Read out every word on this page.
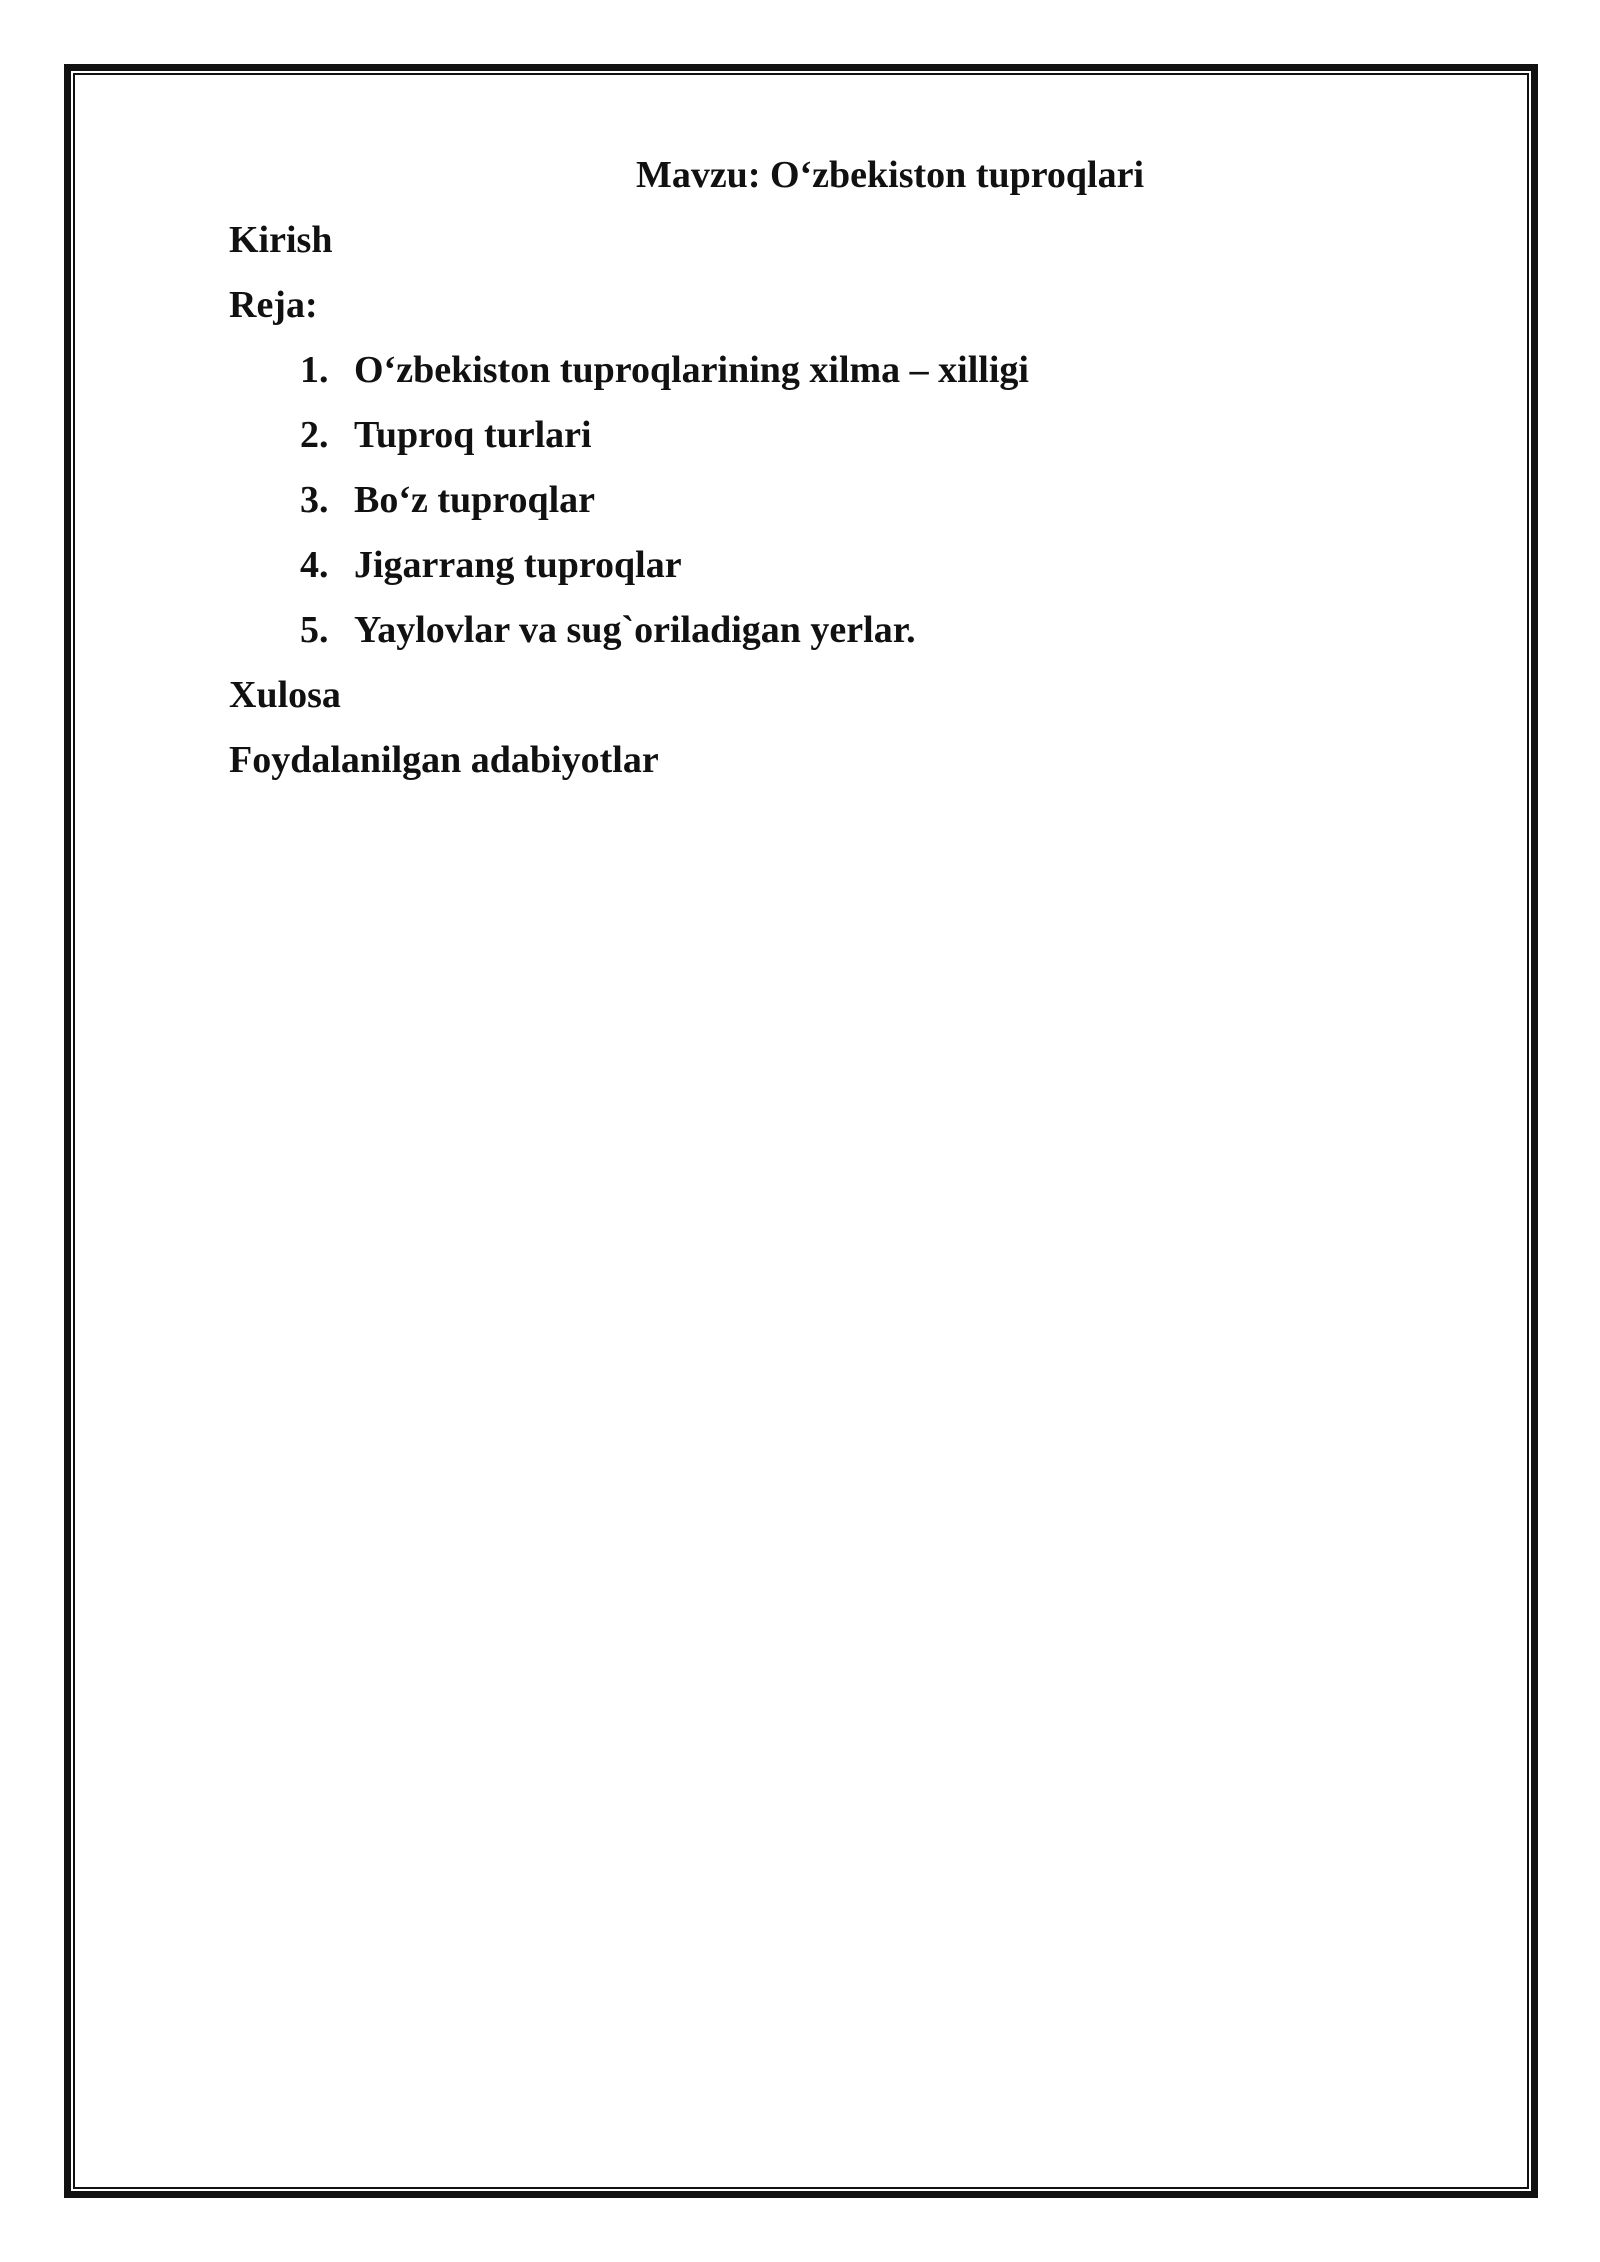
Mavzu: O‘zbekiston tuproqlari
Kirish
Reja:
1. O‘zbekiston tuproqlarining xilma – xilligi
2. Tuproq turlari
3. Bo‘z tuproqlar
4. Jigarrang tuproqlar
5. Yaylovlar va sug`oriladigan yerlar.
Xulosa
Foydalanilgan adabiyotlar
